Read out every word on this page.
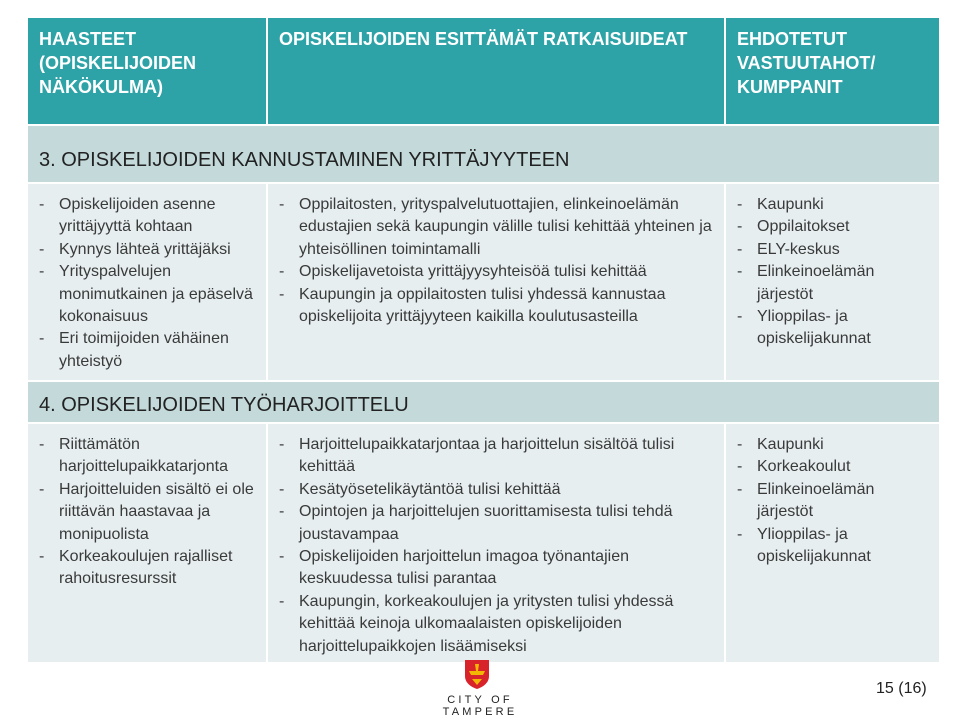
HAASTEET (OPISKELIJOIDEN NÄKÖKULMA)
OPISKELIJOIDEN ESITTÄMÄT RATKAISUIDEAT	EHDOTETUT VASTUUTAHOT/ KUMPPANIT
3. OPISKELIJOIDEN KANNUSTAMINEN YRITTÄJYYTEEN
- Opiskelijoiden asenne yrittäjyyttä kohtaan
- Kynnys lähteä yrittäjäksi
- Yrityspalvelujen monimutkainen ja epäselvä kokonaisuus
- Eri toimijoiden vähäinen yhteistyö
- Oppilaitosten, yrityspalvelutuottajien, elinkeinoelämän edustajien sekä kaupungin välille tulisi kehittää yhteinen ja yhteisöllinen toimintamalli
- Opiskelijavetoista yrittäjyysyhteisöä tulisi kehittää
- Kaupungin ja oppilaitosten tulisi yhdessä kannustaa opiskelijoita yrittäjyyteen kaikilla koulutusasteilla
- Kaupunki
- Oppilaitokset
- ELY-keskus
- Elinkeinoelämän järjestöt
- Ylioppilas- ja opiskelijakunnat
4. OPISKELIJOIDEN TYÖHARJOITTELU
- Riittämätön harjoittelupaikkatarjonta
- Harjoitteluiden sisältö ei ole riittävän haastavaa ja monipuolista
- Korkeakoulujen rajalliset rahoitusresurssit
- Harjoittelupaikkatarjontaa ja harjoittelun sisältöä tulisi kehittää
- Kesätyösetelikäytäntöä tulisi kehittää
- Opintojen ja harjoittelujen suorittamisesta tulisi tehdä joustavampaa
- Opiskelijoiden harjoittelun imagoa työnantajien keskuudessa tulisi parantaa
- Kaupungin, korkeakoulujen ja yritysten tulisi yhdessä kehittää keinoja ulkomaalaisten opiskelijoiden harjoittelupaikkojen lisäämiseksi
- Kaupunki
- Korkeakoulut
- Elinkeinoelämän järjestöt
- Ylioppilas- ja opiskelijakunnat
CITY OF TAMPERE
15 (16)
